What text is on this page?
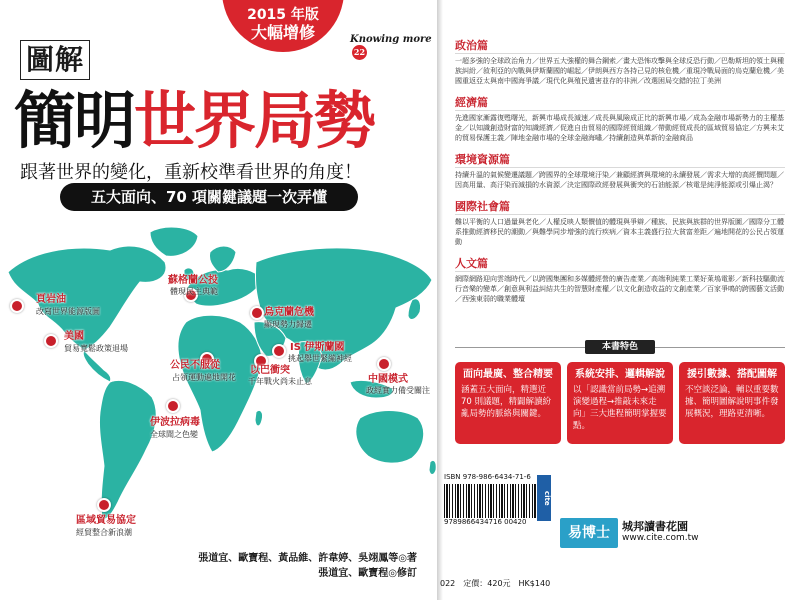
2015 年版
大幅增修	Knowing more 22
圖解
簡明世界局勢
跟著世界的變化，重新校準看世界的角度！
五大面向、70 項關鍵議題一次弄懂
頁岩油
改寫世界能源版圖
美國
貿易寬鬆政策退場
蘇格蘭公投
體現民主典範
烏克蘭危機
顯現勢力歸遷
公民不服從
占領運動遍地開花
IS 伊斯蘭國
挑起舉世緊繃神經
以巴衝突
千年戰火尚未止息	中國模式
政經實力備受關注
伊波拉病毒
全球聞之色變
區域貿易協定
經貿整合新浪潮
張道宜、歐寶程、黃品維、許韋婷、吳翊鳳等◎著
張道宜、歐寶程◎修訂
政治篇
一超多強的全球政治角力／世界五大強權的舞合鋼索／畫大恐怖攻擊與全球反恐行動／巴勒斯坦的領土與種族糾紛／敘利亞的內戰與伊斯蘭國的崛起／伊朗與西方各持己見的核危機／重現冷戰局面的烏克蘭危機／美國重返亞太與南中國海爭議／現代化與殖民遺害並存的非洲／改選困局交錯的拉丁美洲
經濟篇
先進國家漸露復甦曙光，新興市場成長減速／成長與風險成正比的新興市場／成為金融市場新勢力的主權基金／以知識創造財富的知識經濟／促進自由貿易的國際經貿組織／帶動經貿成長的區域貿易協定／方興未艾的貿易保護主義／陣地金融市場的全球金融海嘯／持續創造與革新的金融商品
環境資源篇
持續升溫的氣候變遷議題／跨國界的全球環境汙染／兼顧經濟與環境的永續發展／需求大增的高經價問題／因高用量、高汙染而減損的水資源／決定國際政經發展與衝突的石油能源／核電是純淨能源或引爆止渴？
國際社會篇
難以平衡的人口過量與老化／人權反映人類價值的體現與爭辯／種族、民族與族群的世界版圖／國際分工體系推動經濟移民的潮動／與難學同步增強的流行疾病／資本主義盛行拉大貧富差距／遍地開花的公民占領運動
人文篇
網際網路迎向雲端時代／以跨國集團和多媒體經營的廣告產業／高端利純業工業好萊塢電影／新科技驅動流行音樂的變革／創意與利益糾結共生的智慧財產權／以文化創造收益的文創產業／百家爭鳴的跨國藝文活動／西強東弱的職業體壇
本書特色
面向最廣、整合精要
涵蓋五大面向，精選近 70 則議題，精闢解讀紛亂局勢的脈絡與關鍵。
系統安排、邏輯解說
以「認識當前局勢→追溯演變過程→推敲未來走向」三大進程簡明掌握要點。
援引數據、搭配圖解
不空談泛論，輔以重要數據、簡明圖解說明事件發展概況，理路更清晰。
ISBN 978-986-6434-71-6
9789866434716 00420
cite
022　定價：420元　HK$140
易博士	城邦讀書花園
www.cite.com.tw
